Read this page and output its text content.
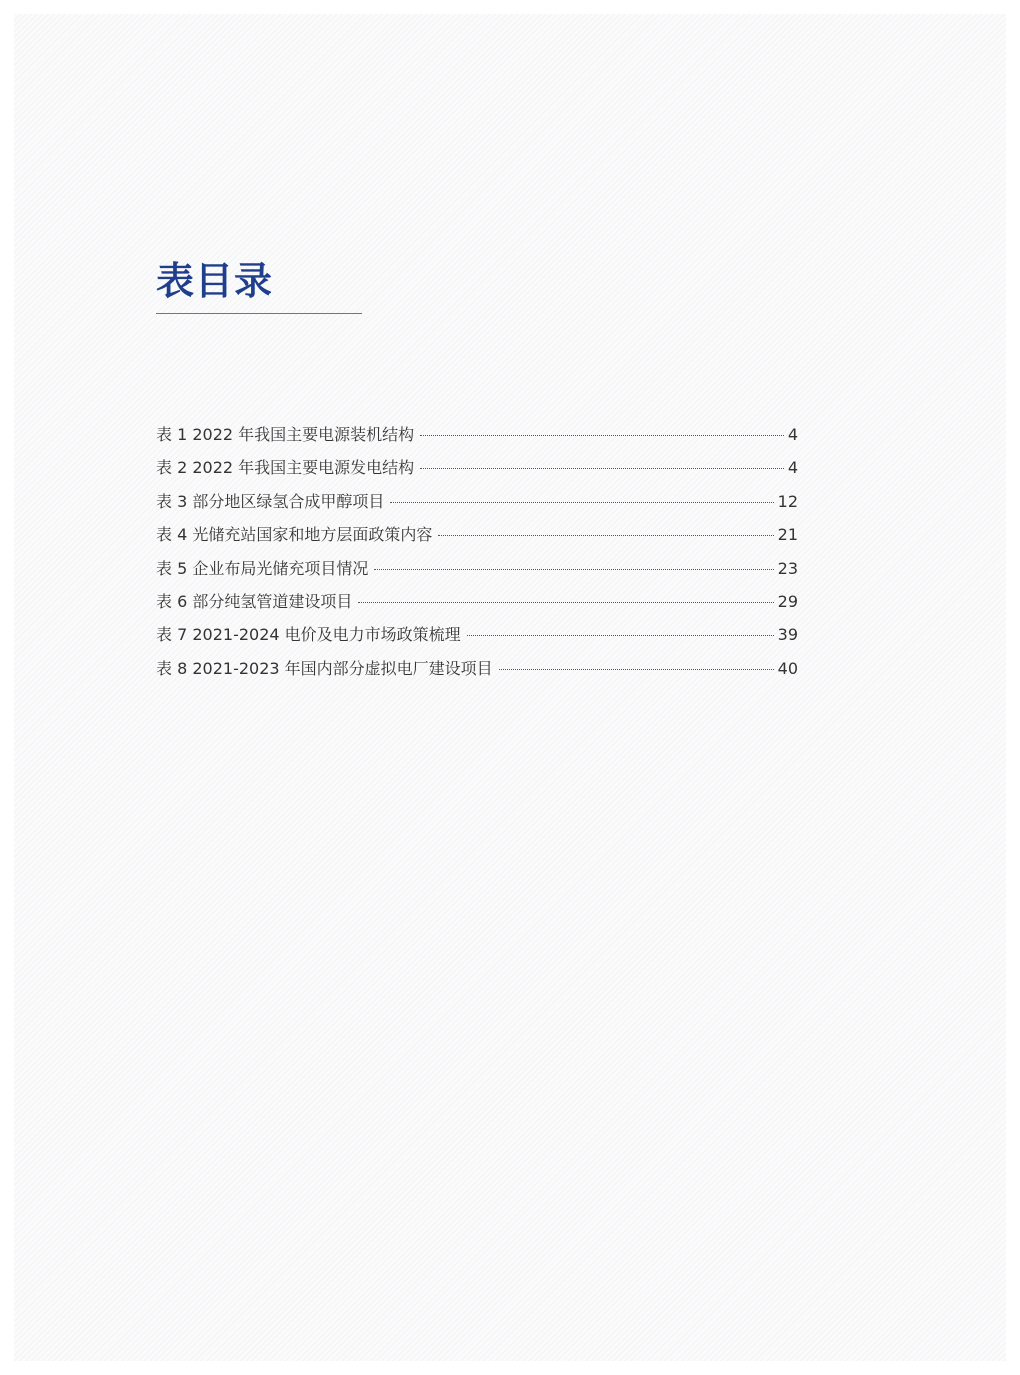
表目录
表 1 2022 年我国主要电源装机结构	4
表 2 2022 年我国主要电源发电结构	4
表 3 部分地区绿氢合成甲醇项目	12
表 4 光储充站国家和地方层面政策内容	21
表 5 企业布局光储充项目情况	23
表 6 部分纯氢管道建设项目	29
表 7 2021-2024 电价及电力市场政策梳理	39
表 8 2021-2023 年国内部分虚拟电厂建设项目	40
